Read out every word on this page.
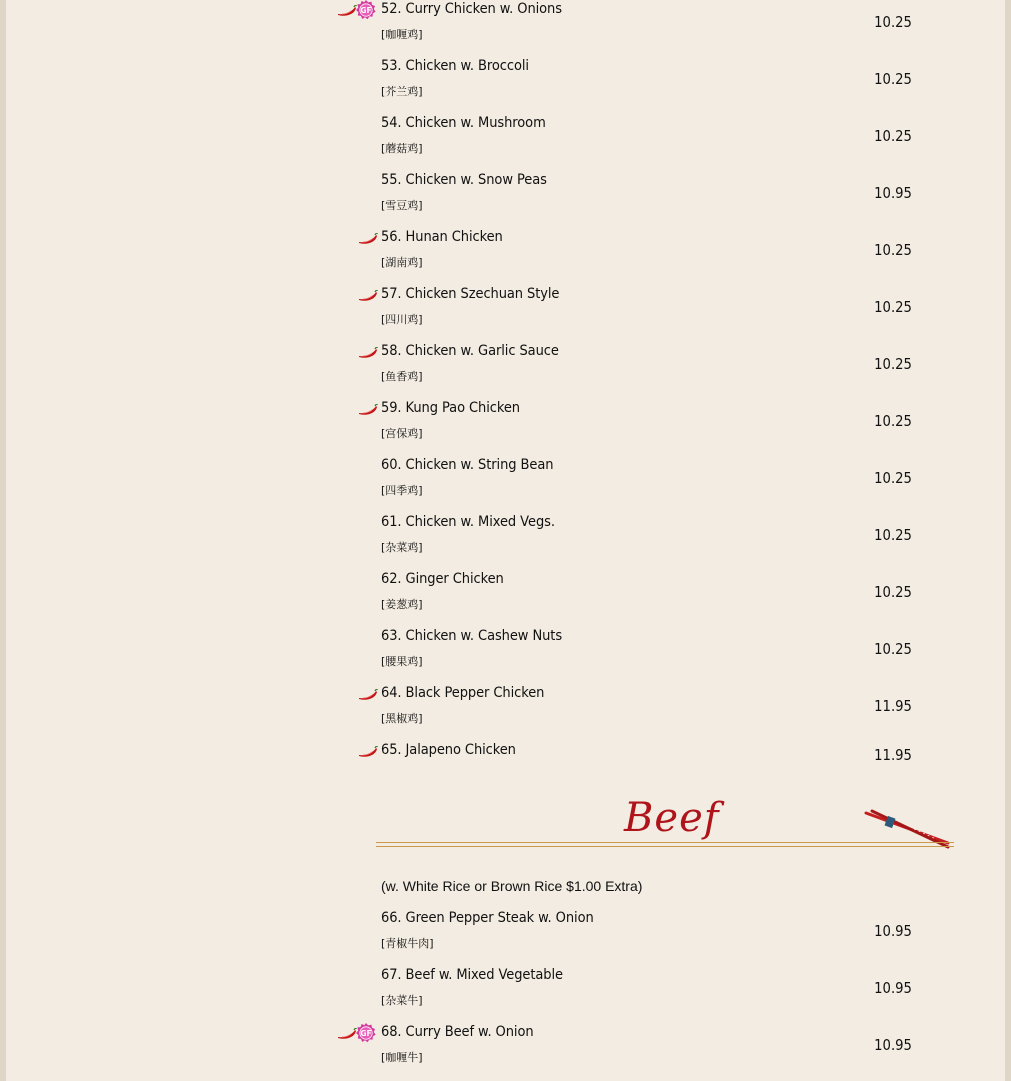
52. Curry Chicken w. Onions
[咖喱鸡]
10.25
GF
53. Chicken w. Broccoli
[芥兰鸡]
10.25
54. Chicken w. Mushroom
[蘑菇鸡]
10.25
55. Chicken w. Snow Peas
[雪豆鸡]
10.95
56. Hunan Chicken
[湖南鸡]
10.25
57. Chicken Szechuan Style
[四川鸡]
10.25
58. Chicken w. Garlic Sauce
[鱼香鸡]
10.25
59. Kung Pao Chicken
[宫保鸡]
10.25
60. Chicken w. String Bean
[四季鸡]
10.25
61. Chicken w. Mixed Vegs.
[杂菜鸡]
10.25
62. Ginger Chicken
[姜葱鸡]
10.25
63. Chicken w. Cashew Nuts
[腰果鸡]
10.25
64. Black Pepper Chicken
[黑椒鸡]
11.95
65. Jalapeno Chicken	11.95
Beef
(w. White Rice or Brown Rice $1.00 Extra)
66. Green Pepper Steak w. Onion
[青椒牛肉]
10.95
67. Beef w. Mixed Vegetable
[杂菜牛]
10.95
68. Curry Beef w. Onion
[咖喱牛]
10.95
GF
